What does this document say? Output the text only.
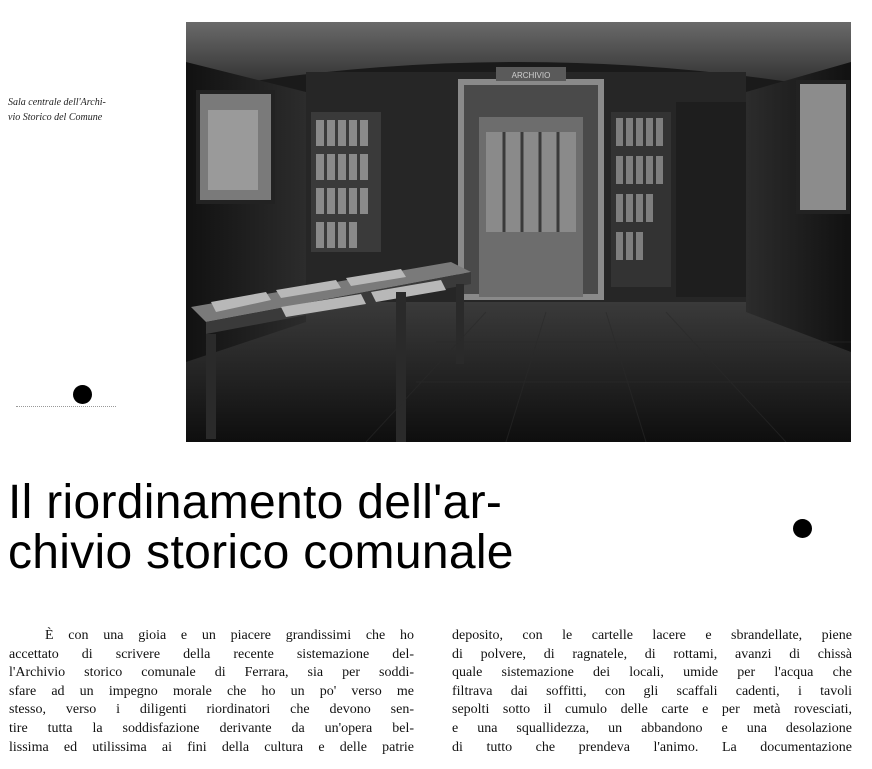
Sala centrale dell'Archi-
vio Storico del Comune
ARCHIVIO
Il riordinamento dell'ar-
chivio storico comunale
È con una gioia e un piacere grandissimi che ho
accettato di scrivere della recente sistemazione del-
l'Archivio storico comunale di Ferrara, sia per soddi-
sfare ad un impegno morale che ho un po' verso me
stesso, verso i diligenti riordinatori che devono sen-
tire tutta la soddisfazione derivante da un'opera bel-
lissima ed utilissima ai fini della cultura e delle patrie
deposito, con le cartelle lacere e sbrandellate, piene
di polvere, di ragnatele, di rottami, avanzi di chissà
quale sistemazione dei locali, umide per l'acqua che
filtrava dai soffitti, con gli scaffali cadenti, i tavoli
sepolti sotto il cumulo delle carte e per metà rovesciati,
e una squallidezza, un abbandono e una desolazione
di tutto che prendeva l'animo. La documentazione
